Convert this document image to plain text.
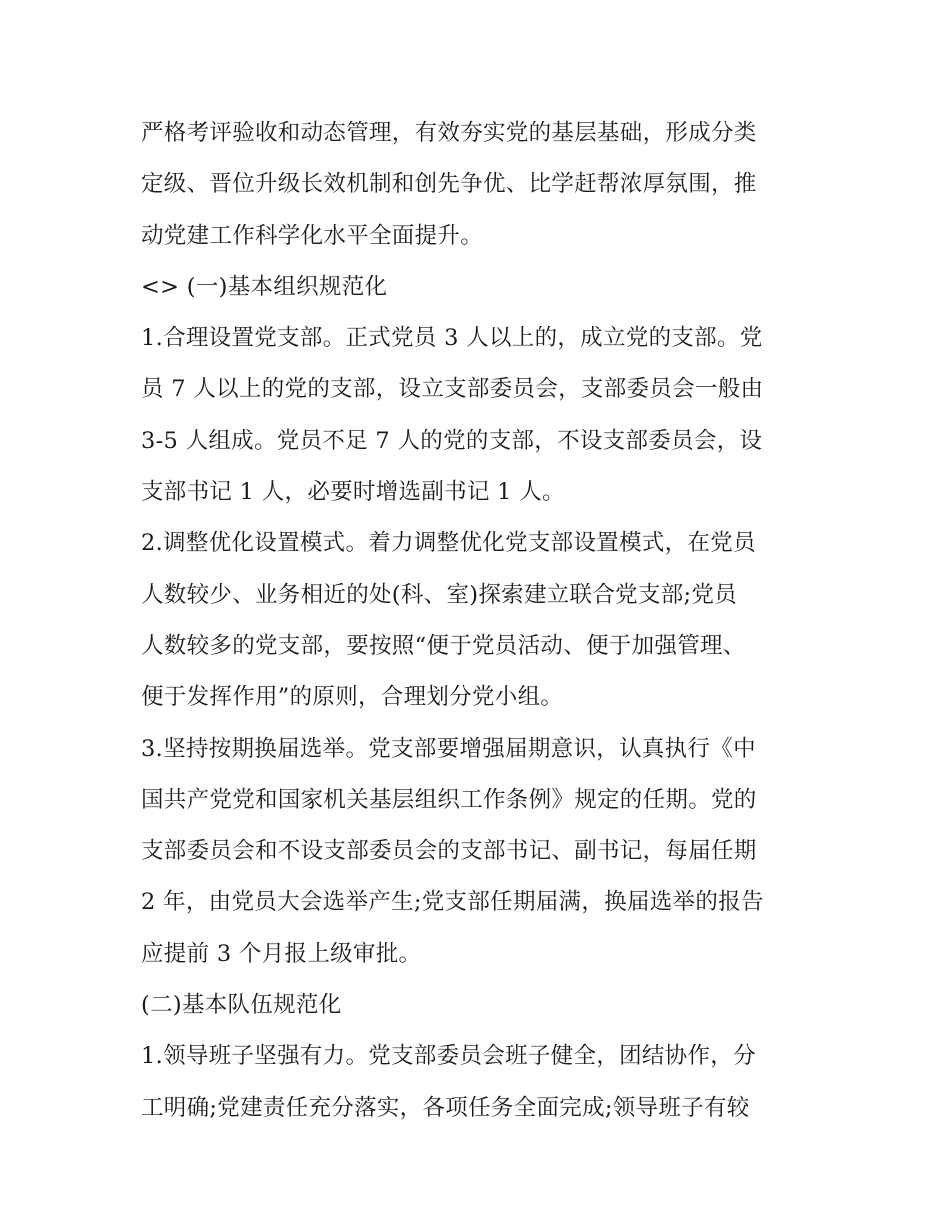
严格考评验收和动态管理，有效夯实党的基层基础，形成分类
定级、晋位升级长效机制和创先争优、比学赶帮浓厚氛围，推
动党建工作科学化水平全面提升。
<> (一)基本组织规范化
1.合理设置党支部。正式党员 3 人以上的，成立党的支部。党
员 7 人以上的党的支部，设立支部委员会，支部委员会一般由
3-5 人组成。党员不足 7 人的党的支部，不设支部委员会，设
支部书记 1 人，必要时增选副书记 1 人。
2.调整优化设置模式。着力调整优化党支部设置模式，在党员
人数较少、业务相近的处(科、室)探索建立联合党支部;党员
人数较多的党支部，要按照“便于党员活动、便于加强管理、
便于发挥作用”的原则，合理划分党小组。
3.坚持按期换届选举。党支部要增强届期意识，认真执行《中
国共产党党和国家机关基层组织工作条例》规定的任期。党的
支部委员会和不设支部委员会的支部书记、副书记，每届任期
2 年，由党员大会选举产生;党支部任期届满，换届选举的报告
应提前 3 个月报上级审批。
(二)基本队伍规范化
1.领导班子坚强有力。党支部委员会班子健全，团结协作，分
工明确;党建责任充分落实，各项任务全面完成;领导班子有较
